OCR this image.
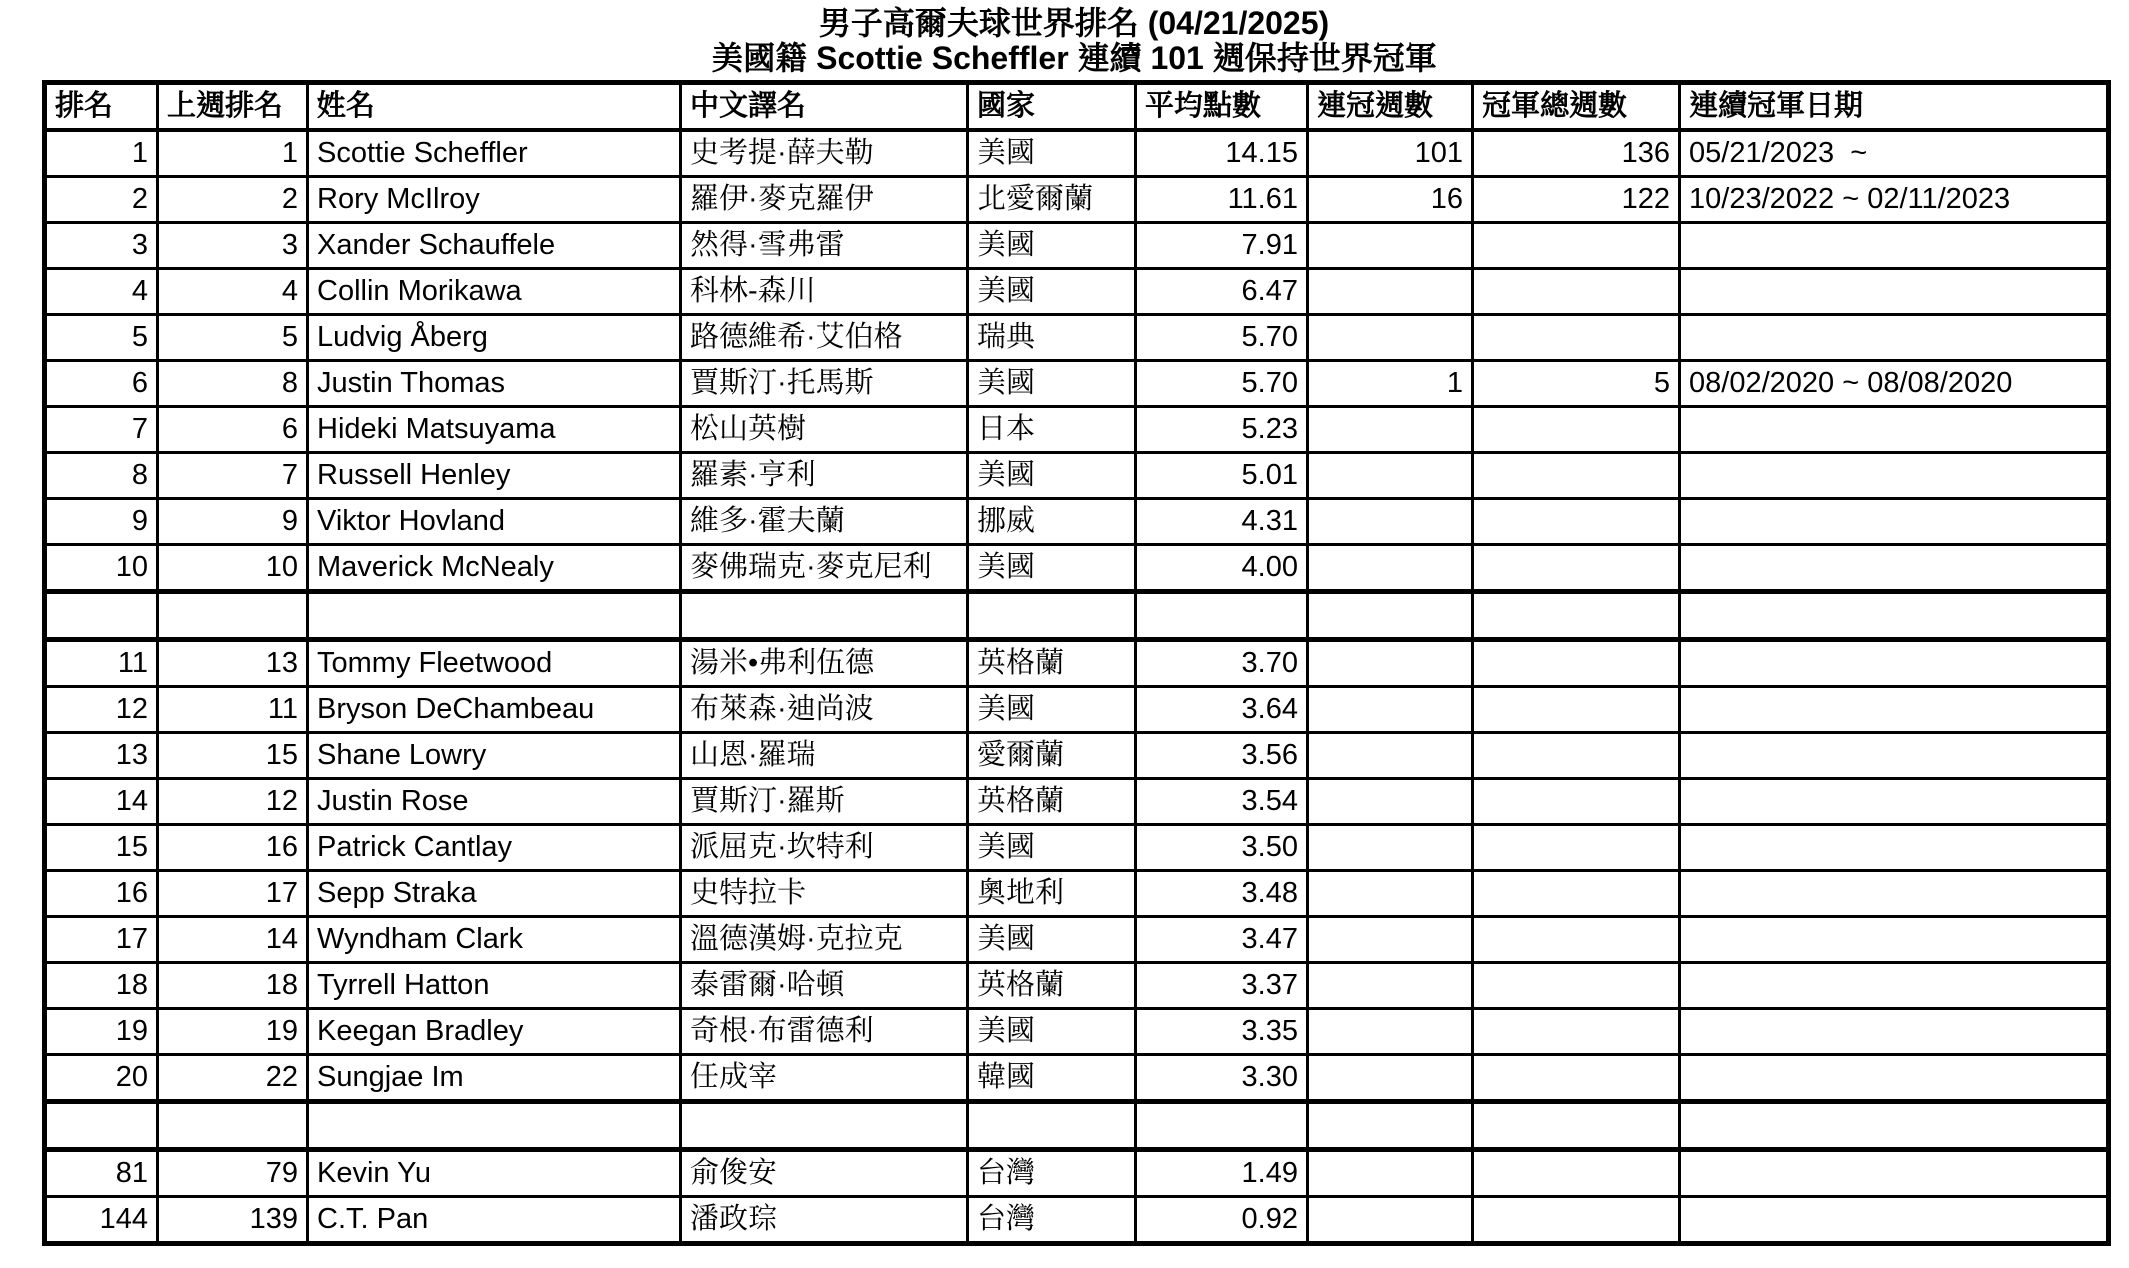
男子高爾夫球世界排名 (04/21/2025)
美國籍 Scottie Scheffler 連續 101 週保持世界冠軍
排名	上週排名	姓名	中文譯名	國家	平均點數	連冠週數	冠軍總週數	連續冠軍日期
1	1	Scottie Scheffler	史考提·薛夫勒	美國	14.15	101	136	05/21/2023  ~
2	2	Rory McIlroy	羅伊·麥克羅伊	北愛爾蘭	11.61	16	122	10/23/2022 ~ 02/11/2023
3	3	Xander Schauffele	然得·雪弗雷	美國	7.91			
4	4	Collin Morikawa	科林-森川	美國	6.47			
5	5	Ludvig Åberg	路德維希·艾伯格	瑞典	5.70			
6	8	Justin Thomas	賈斯汀·托馬斯	美國	5.70	1	5	08/02/2020 ~ 08/08/2020
7	6	Hideki Matsuyama	松山英樹	日本	5.23			
8	7	Russell Henley	羅素·亨利	美國	5.01			
9	9	Viktor Hovland	維多·霍夫蘭	挪威	4.31			
10	10	Maverick McNealy	麥佛瑞克·麥克尼利	美國	4.00			

11	13	Tommy Fleetwood	湯米•弗利伍德	英格蘭	3.70			
12	11	Bryson DeChambeau	布萊森·迪尚波	美國	3.64			
13	15	Shane Lowry	山恩·羅瑞	愛爾蘭	3.56			
14	12	Justin Rose	賈斯汀·羅斯	英格蘭	3.54			
15	16	Patrick Cantlay	派屈克·坎特利	美國	3.50			
16	17	Sepp Straka	史特拉卡	奧地利	3.48			
17	14	Wyndham Clark	溫德漢姆·克拉克	美國	3.47			
18	18	Tyrrell Hatton	泰雷爾·哈頓	英格蘭	3.37			
19	19	Keegan Bradley	奇根·布雷德利	美國	3.35			
20	22	Sungjae Im	任成宰	韓國	3.30			

81	79	Kevin Yu	俞俊安	台灣	1.49			
144	139	C.T. Pan	潘政琮	台灣	0.92			
